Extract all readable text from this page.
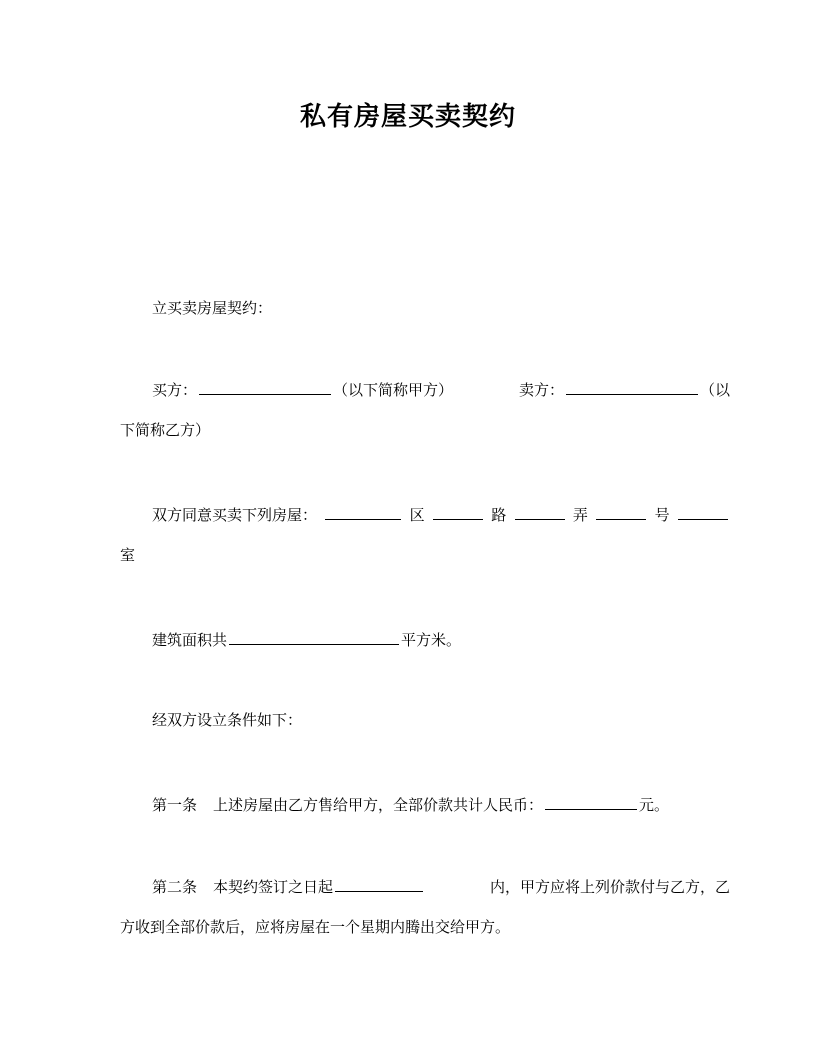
私有房屋买卖契约
立买卖房屋契约：
买方：	（以下简称甲方）	卖方：	（以
下简称乙方）
双方同意买卖下列房屋：	区	路	弄	号
室
建筑面积共	平方米。
经双方设立条件如下：
第一条 上述房屋由乙方售给甲方，全部价款共计人民币：	元。
第二条 本契约签订之日起	内，甲方应将上列价款付与乙方，乙
方收到全部价款后，应将房屋在一个星期内腾出交给甲方。
